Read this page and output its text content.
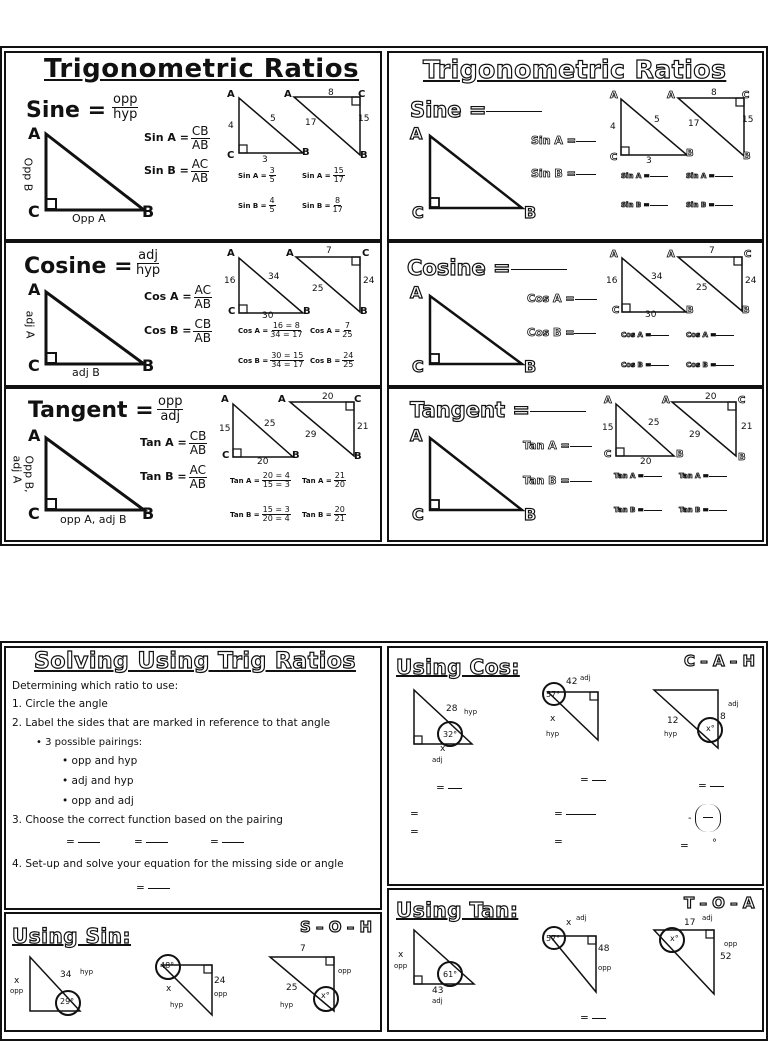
Trigonometric Ratios
Sine = $\frac{\text{opp}}{\text{hyp}}$
A
C	B
Opp B
Opp A
Sin $A = \frac{CB}{AB}$
Sin $B = \frac{AC}{AB}$
A
C	B
4
5
3
A	C
B
8
17	15
Sin $A = \frac{3}{5}$	Sin $A = \frac{15}{17}$
Sin $B = \frac{4}{5}$	Sin $B = \frac{8}{17}$
$Cosine = \frac{\text{adj}}{\text{hyp}}$
A
C	B
adj A
adj B
Cos $A = \frac{AC}{AB}$
Cos $B = \frac{CB}{AB}$
A
C	B
16	34
30
A	C
B
7
25
24
Cos $A = \frac{16 = 8}{34 = 17}$ Cos $A = \frac{7}{25}$
Cos $B = \frac{30 = 15}{34 = 17}$ Cos $B = \frac{24}{25}$
Tangent = $\frac{\text{opp}}{\text{adj}}$
A
C	B
Opp B,
adj A
opp A, adj B
Tan $A = \frac{CB}{AB}$
Tan $B = \frac{AC}{AB}$
A
C	B
15	25
20
A	C
B
20
29
21
Tan $A = \frac{20 = 4}{15 = 3}$ Tan $A = \frac{21}{20}$
Tan $B = \frac{15 = 3}{20 = 4}$ Tan $B = \frac{20}{21}$
Trigonometric Ratios
Sine =
A
C	B
Sin A =
Sin B =
A
C	B
4
5
3
A	C
B
8
17	15
Sin A =	Sin A =
Sin B =	Sin B =
Cosine =
A
C	B
Cos A =
Cos B =
A
C	B
16	34
30
A	C
B
7
25
24
Cos A =	Cos A =
Cos B =	Cos B =
Tangent =
A
C	B
Tan A =
Tan B =
A
C	B
15	25
20
A	C
B
20
29
21
Tan A =	Tan A =
Tan B =	Tan B =
Solving Using Trig Ratios
Determining which ratio to use:
1. Circle the angle
2. Label the sides that are marked in reference to that angle
• 3 possible pairings:
• opp and hyp
• adj and hyp
• opp and adj
3. Choose the correct function based on the pairing
=	=	=
4. Set-up and solve your equation for the missing side or angle
=
Using Sin:	S – O – H
x
opp
34 hyp
29°
48°
x
hyp
24
opp
7
opp
25
hyp
x°
Using Cos:	C – A – H
28 hyp
32°
x
adj
42 adj
57°
x
hyp
adj
12
hyp
x°
8
=
=	=
=
=
=
=
-
= °
Using Tan:	T – O – A
x
opp
61°
43
adj
x adj
57°
48
opp
17 adj
x°
opp
52
=
